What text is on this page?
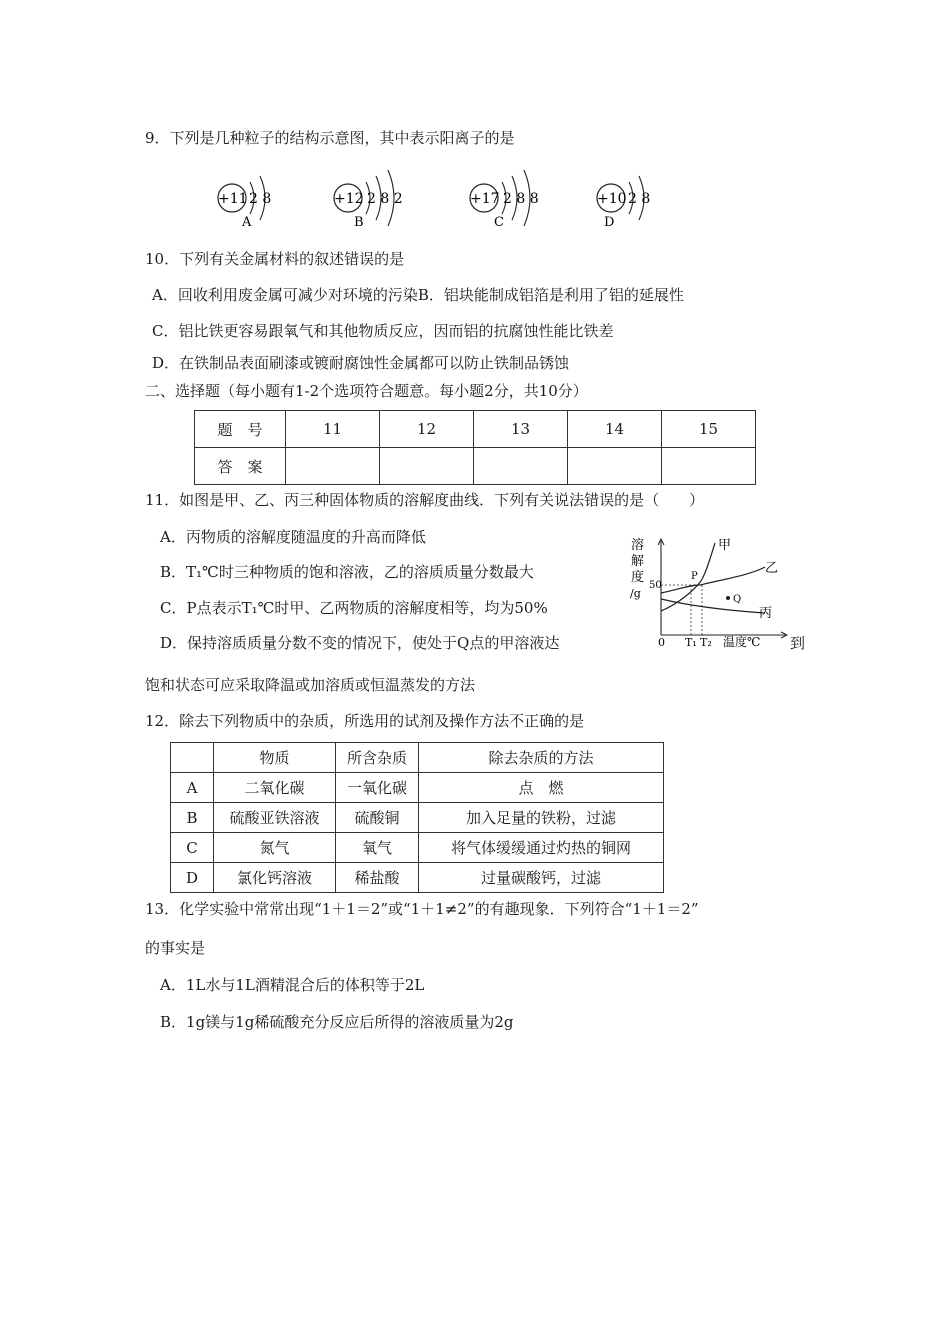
9．下列是几种粒子的结构示意图，其中表示阳离子的是
+11 2 8
A
+12 2 8 2
B
+17 2 8 8
C
+10 2 8
D
10．下列有关金属材料的叙述错误的是
A．回收利用废金属可减少对环境的污染B．铝块能制成铝箔是利用了铝的延展性
C．铝比铁更容易跟氧气和其他物质反应，因而铝的抗腐蚀性能比铁差
D．在铁制品表面刷漆或镀耐腐蚀性金属都可以防止铁制品锈蚀
二、选择题（每小题有1-2个选项符合题意。每小题2分，共10分）
题　号	11	12	13	14	15
答　案					
11．如图是甲、乙、丙三种固体物质的溶解度曲线．下列有关说法错误的是（　　）
A．丙物质的溶解度随温度的升高而降低
B．T₁℃时三种物质的饱和溶液，乙的溶质质量分数最大
C．P点表示T₁℃时甲、乙两物质的溶解度相等，均为50%
D．保持溶质质量分数不变的情况下，使处于Q点的甲溶液达	到
饱和状态可应采取降温或加溶质或恒温蒸发的方法
溶
解
度
/g
0
50
甲
乙
丙
P
Q
T₁ T₂ 温度℃
12．除去下列物质中的杂质，所选用的试剂及操作方法不正确的是
	物质	所含杂质	除去杂质的方法
A	二氧化碳	一氧化碳	点　燃
B	硫酸亚铁溶液	硫酸铜	加入足量的铁粉，过滤
C	氮气	氧气	将气体缓缓通过灼热的铜网
D	氯化钙溶液	稀盐酸	过量碳酸钙，过滤
13．化学实验中常常出现“1＋1＝2”或“1＋1≠2”的有趣现象．下列符合“1＋1＝2”
的事实是
A．1L水与1L酒精混合后的体积等于2L
B．1g镁与1g稀硫酸充分反应后所得的溶液质量为2g
